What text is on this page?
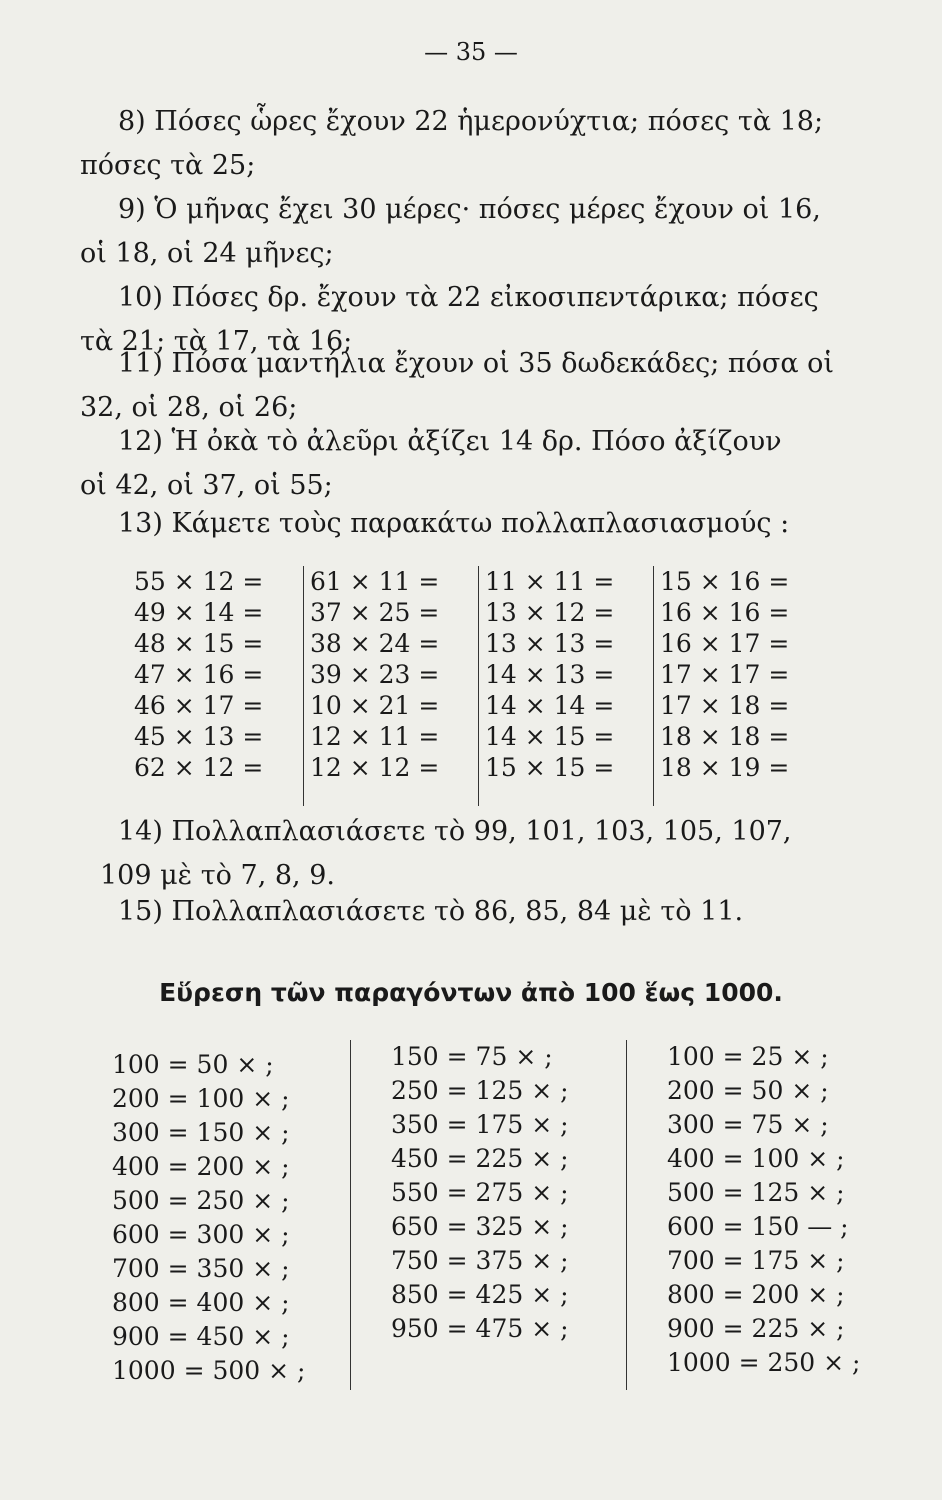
— 35 —
8) Πόσες ὧρες ἔχουν 22 ἡμερονύχτια; πόσες τὰ 18;
πόσες τὰ 25;
9) Ὁ μῆνας ἔχει 30 μέρες· πόσες μέρες ἔχουν οἱ 16,
οἱ 18, οἱ 24 μῆνες;
10) Πόσες δρ. ἔχουν τὰ 22 εἰκοσιπεντάρικα; πόσες
τὰ 21; τὰ 17, τὰ 16;
11) Πόσα μαντήλια ἔχουν οἱ 35 δωδεκάδες; πόσα οἱ
32, οἱ 28, οἱ 26;
12) Ἡ ὀκὰ τὸ ἀλεῦρι ἀξίζει 14 δρ. Πόσο ἀξίζουν
οἱ 42, οἱ 37, οἱ 55;
13) Κάμετε τοὺς παρακάτω πολλαπλασιασμούς :
55 × 12 =
49 × 14 =
48 × 15 =
47 × 16 =
46 × 17 =
45 × 13 =
62 × 12 =
61 × 11 =
37 × 25 =
38 × 24 =
39 × 23 =
10 × 21 =
12 × 11 =
12 × 12 =
11 × 11 =
13 × 12 =
13 × 13 =
14 × 13 =
14 × 14 =
14 × 15 =
15 × 15 =
15 × 16 =
16 × 16 =
16 × 17 =
17 × 17 =
17 × 18 =
18 × 18 =
18 × 19 =
14) Πολλαπλασιάσετε τὸ 99, 101, 103, 105, 107,
109 μὲ τὸ 7, 8, 9.
15) Πολλαπλασιάσετε τὸ 86, 85, 84 μὲ τὸ 11.
Εὕρεση τῶν παραγόντων ἀπὸ 100 ἕως 1000.
100 = 50 × ;
200 = 100 × ;
300 = 150 × ;
400 = 200 × ;
500 = 250 × ;
600 = 300 × ;
700 = 350 × ;
800 = 400 × ;
900 = 450 × ;
1000 = 500 × ;
150 = 75 × ;
250 = 125 × ;
350 = 175 × ;
450 = 225 × ;
550 = 275 × ;
650 = 325 × ;
750 = 375 × ;
850 = 425 × ;
950 = 475 × ;
100 = 25 × ;
200 = 50 × ;
300 = 75 × ;
400 = 100 × ;
500 = 125 × ;
600 = 150 — ;
700 = 175 × ;
800 = 200 × ;
900 = 225 × ;
1000 = 250 × ;
